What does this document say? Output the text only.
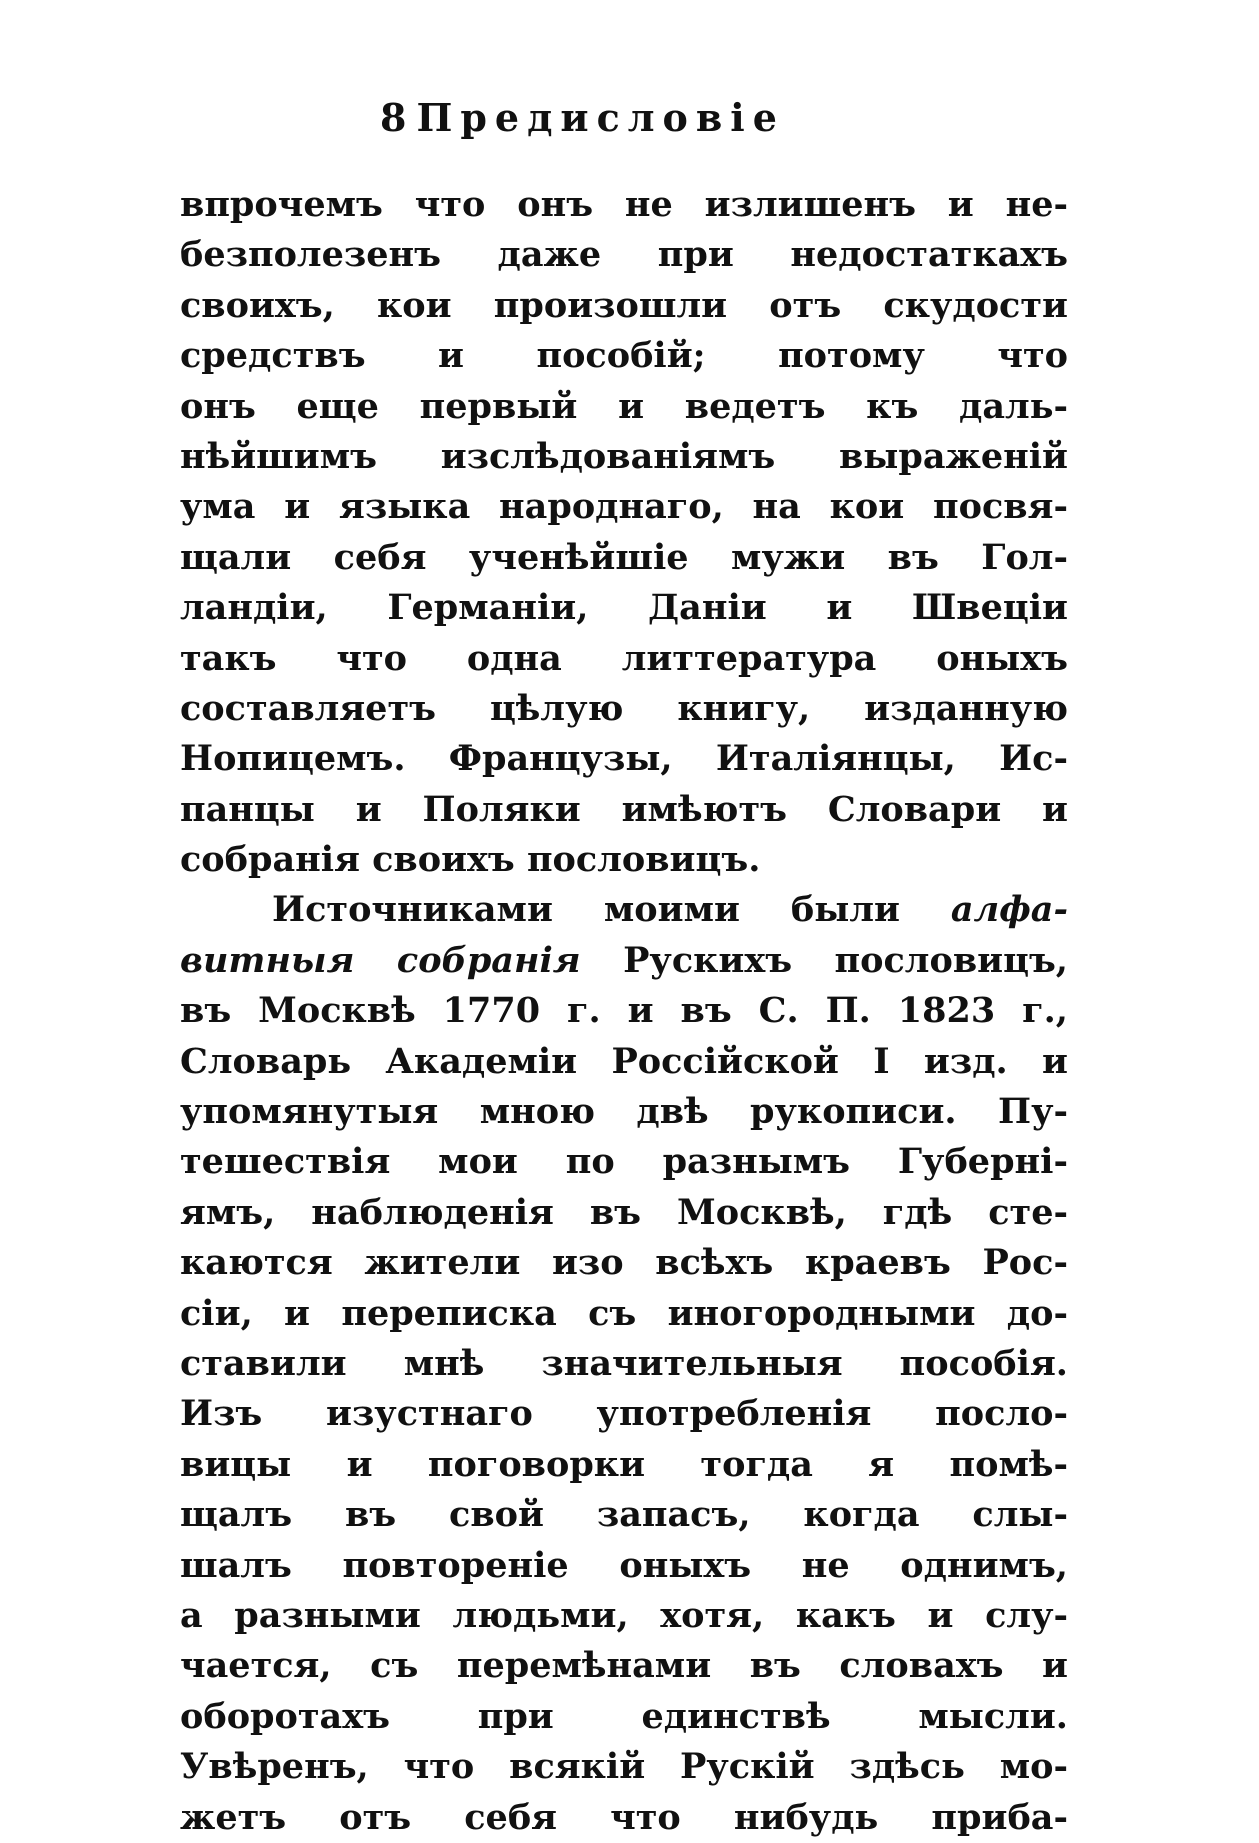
8 Предисловіе
впрочемъ что онъ не излишенъ и не-
безполезенъ даже при недостаткахъ
своихъ, кои произошли отъ скудости
средствъ и пособій; потому что
онъ еще первый и ведетъ къ даль-
нѣйшимъ изслѣдованіямъ выраженій
ума и языка народнаго, на кои посвя-
щали себя ученѣйшіе мужи въ Гол-
ландіи, Германіи, Даніи и Швеціи
такъ что одна литтература оныхъ
составляетъ цѣлую книгу, изданную
Нопицемъ. Французы, Италіянцы, Ис-
панцы и Поляки имѣютъ Словари и
собранія своихъ пословицъ.
Источниками моими были алфа-
витныя собранія Рускихъ пословицъ,
въ Москвѣ 1770 г. и въ С. П. 1823 г.,
Словарь Академіи Россійской I изд. и
упомянутыя мною двѣ рукописи. Пу-
тешествія мои по разнымъ Губерні-
ямъ, наблюденія въ Москвѣ, гдѣ сте-
каются жители изо всѣхъ краевъ Рос-
сіи, и переписка съ иногородными до-
ставили мнѣ значительныя пособія.
Изъ изустнаго употребленія посло-
вицы и поговорки тогда я помѣ-
щалъ въ свой запасъ, когда слы-
шалъ повтореніе оныхъ не однимъ,
а разными людьми, хотя, какъ и слу-
чается, съ перемѣнами въ словахъ и
оборотахъ при единствѣ мысли.
Увѣренъ, что всякій Рускій здѣсь мо-
жетъ отъ себя что нибудь приба-
